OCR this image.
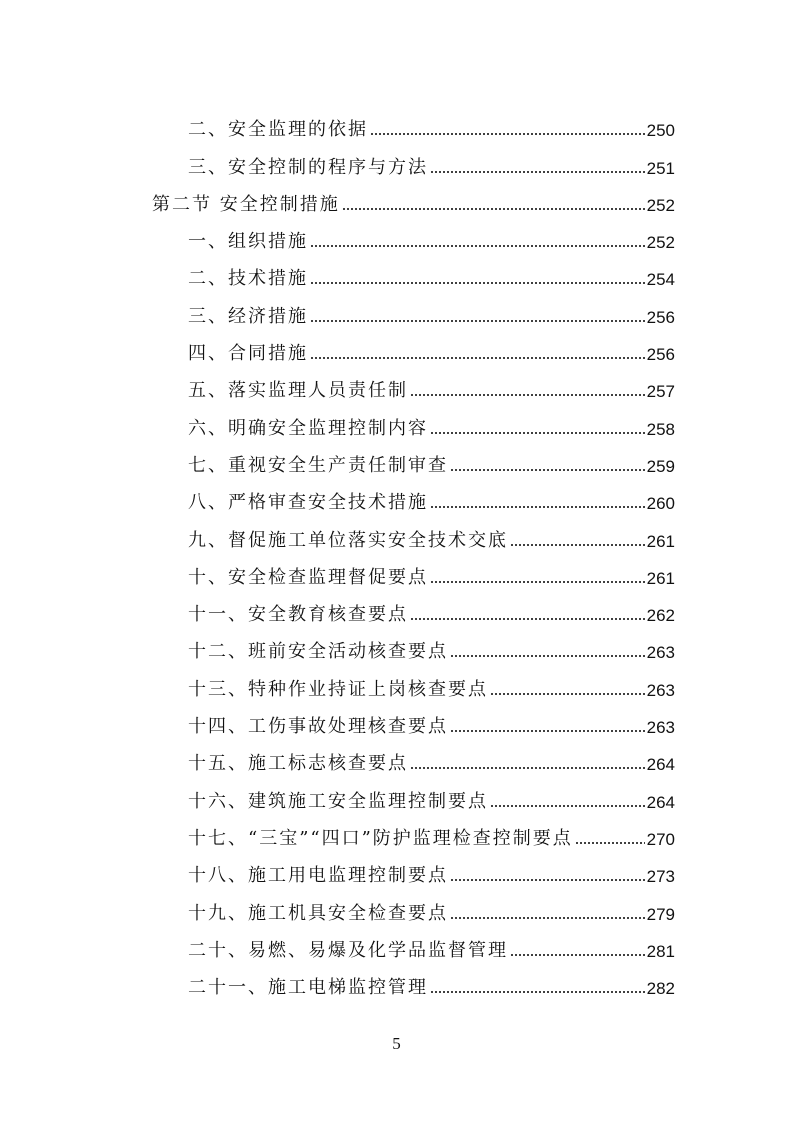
二、安全监理的依据	250
三、安全控制的程序与方法	251
第二节 安全控制措施	252
一、组织措施	252
二、技术措施	254
三、经济措施	256
四、合同措施	256
五、落实监理人员责任制	257
六、明确安全监理控制内容	258
七、重视安全生产责任制审查	259
八、严格审查安全技术措施	260
九、督促施工单位落实安全技术交底	261
十、安全检查监理督促要点	261
十一、安全教育核查要点	262
十二、班前安全活动核查要点	263
十三、特种作业持证上岗核查要点	263
十四、工伤事故处理核查要点	263
十五、施工标志核查要点	264
十六、建筑施工安全监理控制要点	264
十七、“三宝”“四口”防护监理检查控制要点	270
十八、施工用电监理控制要点	273
十九、施工机具安全检查要点	279
二十、易燃、易爆及化学品监督管理	281
二十一、施工电梯监控管理	282
5
